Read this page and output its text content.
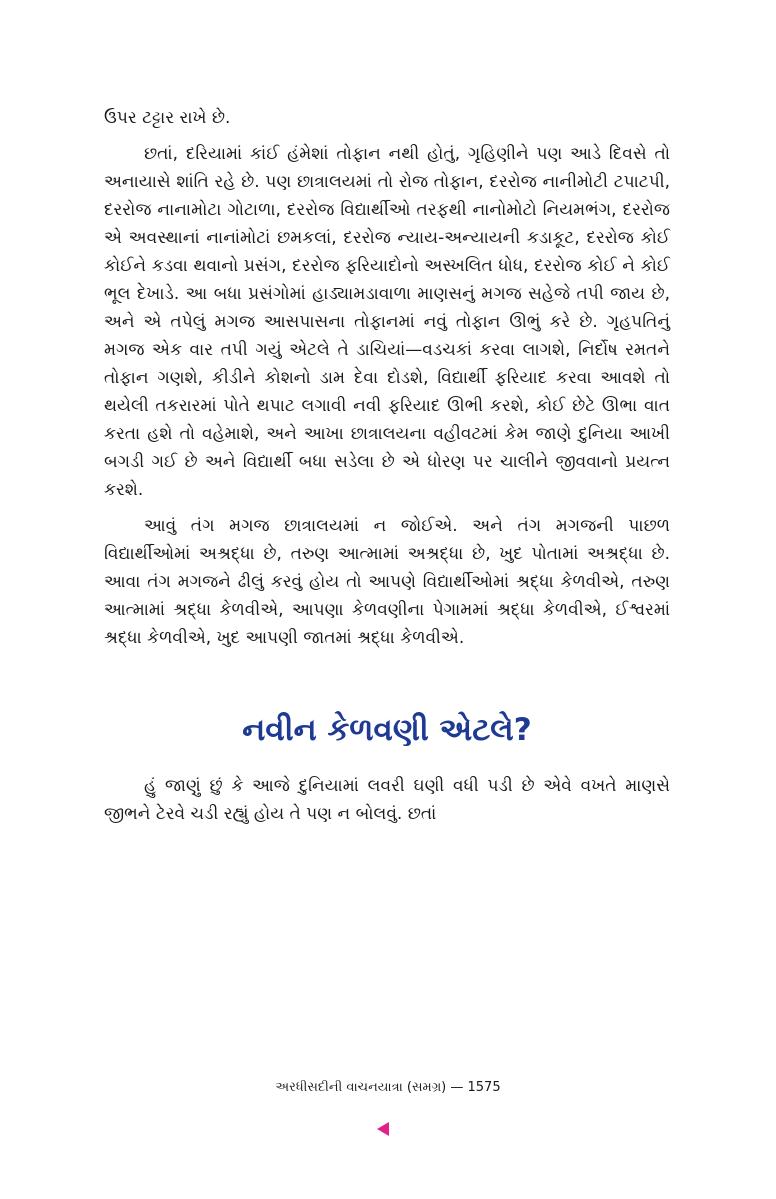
ઉપર ટટ્ટાર રાખે છે.

છતાં, દરિયામાં કાંઈ હંમેશાં તોફાન નથી હોતું, ગૃહિણીને પણ આડે દિવસે તો અનાયાસે શાંતિ રહે છે. પણ છાત્રાલયમાં તો રોજ તોફાન, દરરોજ નાનીમોટી ટપાટપી, દરરોજ નાનામોટા ગોટાળા, દરરોજ વિદ્યાર્થીઓ તરફથી નાનોમોટો નિયમભંગ, દરરોજ એ અવસ્થાનાં નાનાંમોટાં છમકલાં, દરરોજ ન્યાય-અન્યાયની કડાકૂટ, દરરોજ કોઈ કોઈને કડવા થવાનો પ્રસંગ, દરરોજ ફરિયાદોનો અસ્ખલિત ધોધ, દરરોજ કોઈ ને કોઈ ભૂલ દેખાડે. આ બધા પ્રસંગોમાં હાડ્યામડાવાળા માણસનું મગજ સહેજે તપી જાય છે, અને એ તપેલું મગજ આસપાસના તોફાનમાં નવું તોફાન ઊભું કરે છે. ગૃહપતિનું મગજ એક વાર તપી ગયું એટલે તે ડાચિયાં—વડચકાં કરવા લાગશે, નિર્દોષ રમતને તોફાન ગણશે, કીડીને કોશનો ડામ દેવા દોડશે, વિદ્યાર્થી ફરિયાદ કરવા આવશે તો થયેલી તકરારમાં પોતે થપાટ લગાવી નવી ફરિયાદ ઊભી કરશે, કોઈ છેટે ઊભા વાત કરતા હશે તો વહેમાશે, અને આખા છાત્રાલયના વહીવટમાં કેમ જાણે દુનિયા આખી બગડી ગઈ છે અને વિદ્યાર્થી બધા સડેલા છે એ ધોરણ પર ચાલીને જીવવાનો પ્રયત્ન કરશે.

આવું તંગ મગજ છાત્રાલયમાં ન જોઈએ. અને તંગ મગજની પાછળ વિદ્યાર્થીઓમાં અશ્રદ્ધા છે, તરુણ આત્મામાં અશ્રદ્ધા છે, ખુદ પોતામાં અશ્રદ્ધા છે. આવા તંગ મગજને ઢીલું કરવું હોય તો આપણે વિદ્યાર્થીઓમાં શ્રદ્ધા કેળવીએ, તરુણ આત્મામાં શ્રદ્ધા કેળવીએ, આપણા કેળવણીના પેગામમાં શ્રદ્ધા કેળવીએ, ઈશ્વરમાં શ્રદ્ધા કેળવીએ, ખુદ આપણી જાતમાં શ્રદ્ધા કેળવીએ.

નવીન કેળવણી એટલે?

હું જાણું છું કે આજે દુનિયામાં લવરી ઘણી વધી પડી છે એવે વખતે માણસે જીભને ટેરવે ચડી રહ્યું હોય તે પણ ન બોલવું. છતાં

અરધીસદીની વાચનયાત્રા (સમગ્ર) — 1575
